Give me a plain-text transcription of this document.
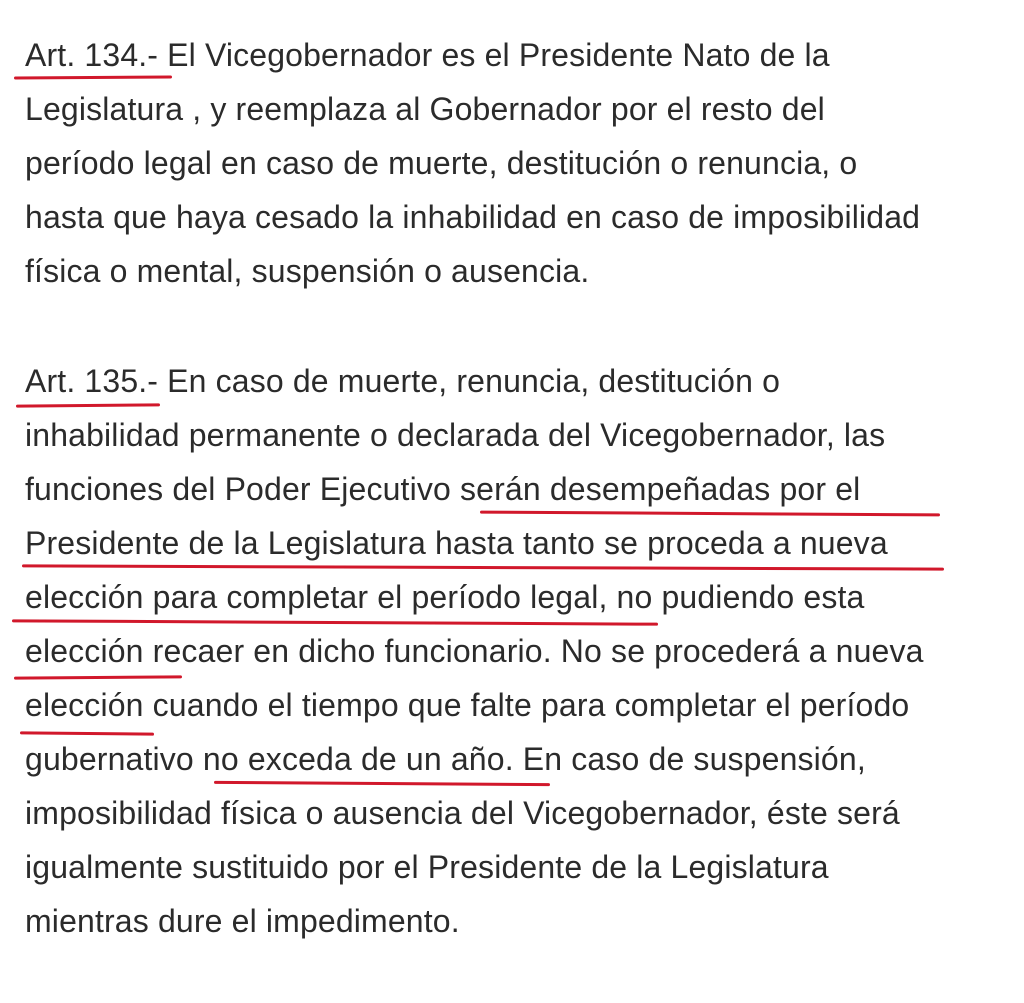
Art. 134.- El Vicegobernador es el Presidente Nato de la
Legislatura , y reemplaza al Gobernador por el resto del
período legal en caso de muerte, destitución o renuncia, o
hasta que haya cesado la inhabilidad en caso de imposibilidad
física o mental, suspensión o ausencia.
Art. 135.- En caso de muerte, renuncia, destitución o
inhabilidad permanente o declarada del Vicegobernador, las
funciones del Poder Ejecutivo serán desempeñadas por el
Presidente de la Legislatura hasta tanto se proceda a nueva
elección para completar el período legal, no pudiendo esta
elección recaer en dicho funcionario. No se procederá a nueva
elección cuando el tiempo que falte para completar el período
gubernativo no exceda de un año. En caso de suspensión,
imposibilidad física o ausencia del Vicegobernador, éste será
igualmente sustituido por el Presidente de la Legislatura
mientras dure el impedimento.
